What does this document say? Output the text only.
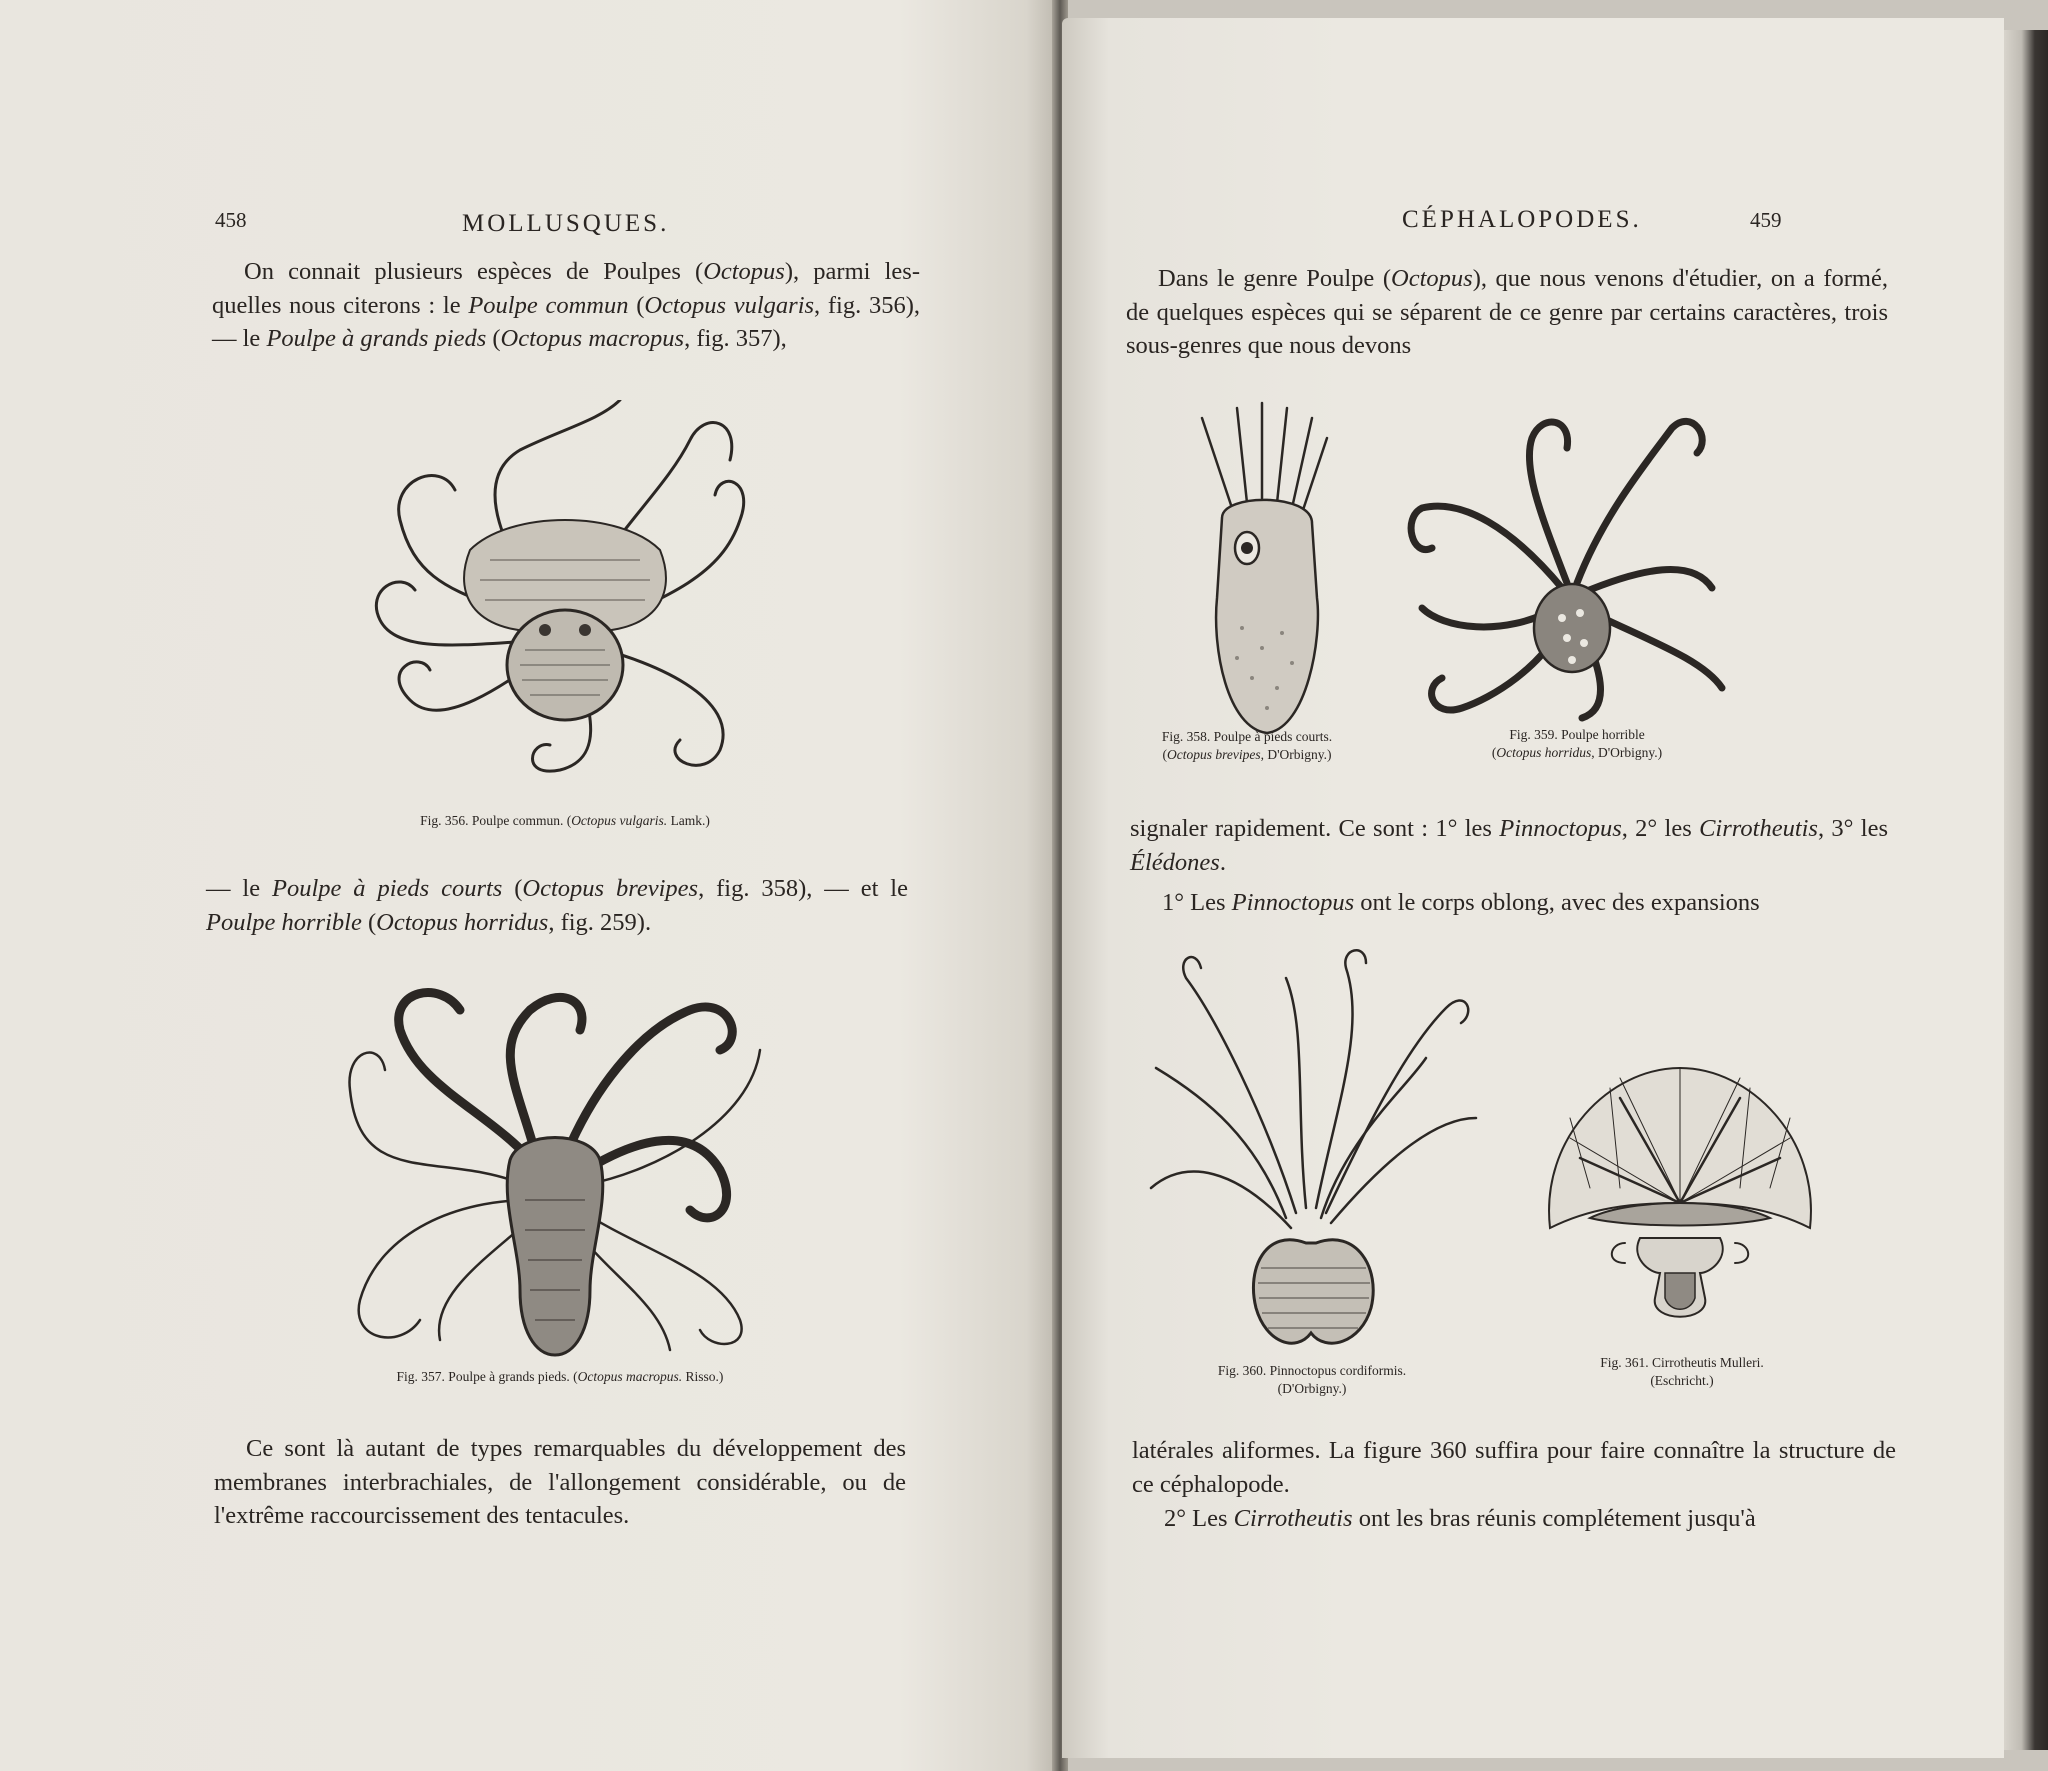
458	MOLLUSQUES.
On connait plusieurs espèces de Poulpes (Octopus), parmi les-quelles nous citerons : le Poulpe commun (Octopus vulgaris, fig. 356), — le Poulpe à grands pieds (Octopus macropus, fig. 357),
Fig. 356. Poulpe commun. (Octopus vulgaris. Lamk.)
— le Poulpe à pieds courts (Octopus brevipes, fig. 358), — et le Poulpe horrible (Octopus horridus, fig. 259).
Fig. 357. Poulpe à grands pieds. (Octopus macropus. Risso.)
Ce sont là autant de types remarquables du développement des membranes interbrachiales, de l'allongement considérable, ou de l'extrême raccourcissement des tentacules.
CÉPHALOPODES.	459
Dans le genre Poulpe (Octopus), que nous venons d'étudier, on a formé, de quelques espèces qui se séparent de ce genre par certains caractères, trois sous-genres que nous devons
Fig. 358. Poulpe à pieds courts.
(Octopus brevipes, D'Orbigny.)
Fig. 359. Poulpe horrible
(Octopus horridus, D'Orbigny.)
signaler rapidement. Ce sont : 1° les Pinnoctopus, 2° les Cirrotheutis, 3° les Élédones.
1° Les Pinnoctopus ont le corps oblong, avec des expansions
Fig. 360. Pinnoctopus cordiformis.
(D'Orbigny.)
Fig. 361. Cirrotheutis Mulleri.
(Eschricht.)
latérales aliformes. La figure 360 suffira pour faire connaître la structure de ce céphalopode.
2° Les Cirrotheutis ont les bras réunis complétement jusqu'à
